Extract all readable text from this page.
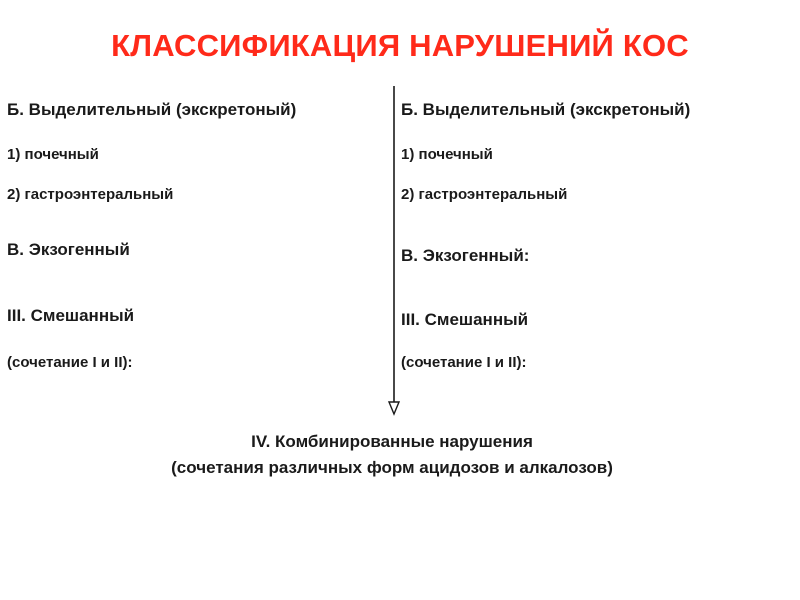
КЛАССИФИКАЦИЯ НАРУШЕНИЙ КОС
Б. Выделительный (экскретоный)
1) почечный
2) гастроэнтеральный
В. Экзогенный
III. Смешанный
(сочетание I и II):
Б. Выделительный (экскретоный)
1) почечный
2) гастроэнтеральный
В. Экзогенный:
III. Смешанный
(сочетание I и II):
IV. Комбинированные нарушения
(сочетания различных форм ацидозов и алкалозов)
